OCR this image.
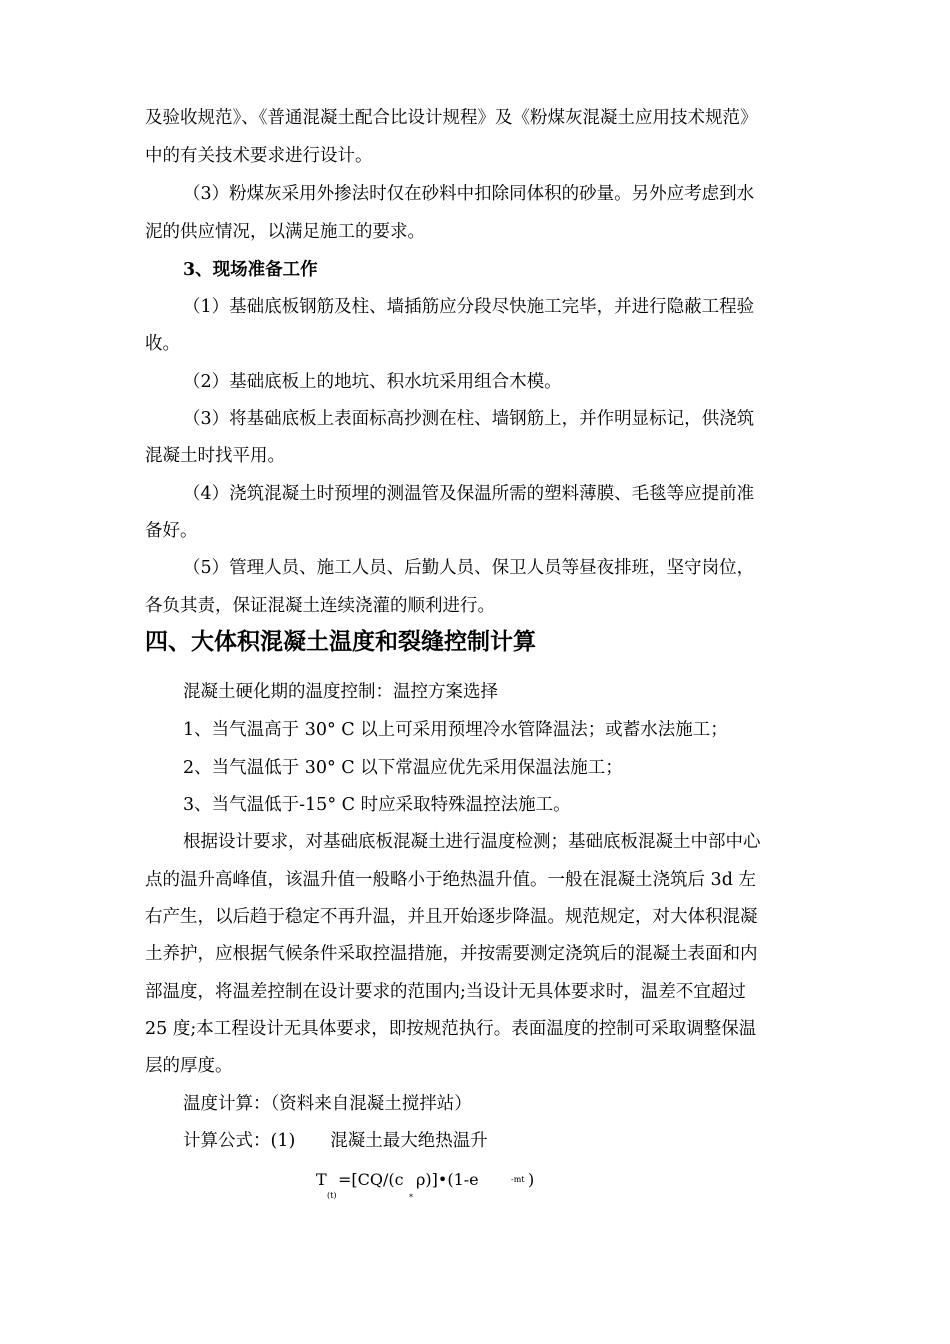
及验收规范》、《普通混凝土配合比设计规程》及《粉煤灰混凝土应用技术规范》
中的有关技术要求进行设计。
（3）粉煤灰采用外掺法时仅在砂料中扣除同体积的砂量。另外应考虑到水
泥的供应情况，以满足施工的要求。
3、现场准备工作
（1）基础底板钢筋及柱、墙插筋应分段尽快施工完毕，并进行隐蔽工程验
收。
（2）基础底板上的地坑、积水坑采用组合木模。
（3）将基础底板上表面标高抄测在柱、墙钢筋上，并作明显标记，供浇筑
混凝土时找平用。
（4）浇筑混凝土时预埋的测温管及保温所需的塑料薄膜、毛毯等应提前准
备好。
（5）管理人员、施工人员、后勤人员、保卫人员等昼夜排班，坚守岗位，
各负其责，保证混凝土连续浇灌的顺利进行。
四、大体积混凝土温度和裂缝控制计算
混凝土硬化期的温度控制：温控方案选择
1、当气温高于 30° C 以上可采用预埋冷水管降温法；或蓄水法施工；
2、当气温低于 30° C 以下常温应优先采用保温法施工；
3、当气温低于-15° C 时应采取特殊温控法施工。
根据设计要求，对基础底板混凝土进行温度检测；基础底板混凝土中部中心
点的温升高峰值，该温升值一般略小于绝热温升值。一般在混凝土浇筑后 3d 左
右产生，以后趋于稳定不再升温，并且开始逐步降温。规范规定，对大体积混凝
土养护，应根据气候条件采取控温措施，并按需要测定浇筑后的混凝土表面和内
部温度，将温差控制在设计要求的范围内;当设计无具体要求时，温差不宜超过
25 度;本工程设计无具体要求，即按规范执行。表面温度的控制可采取调整保温
层的厚度。
温度计算：（资料来自混凝土搅拌站）
计算公式：(1)　　混凝土最大绝热温升
T
(t)
=[CQ/(c
*
ρ)]•(1-e	-mt )
